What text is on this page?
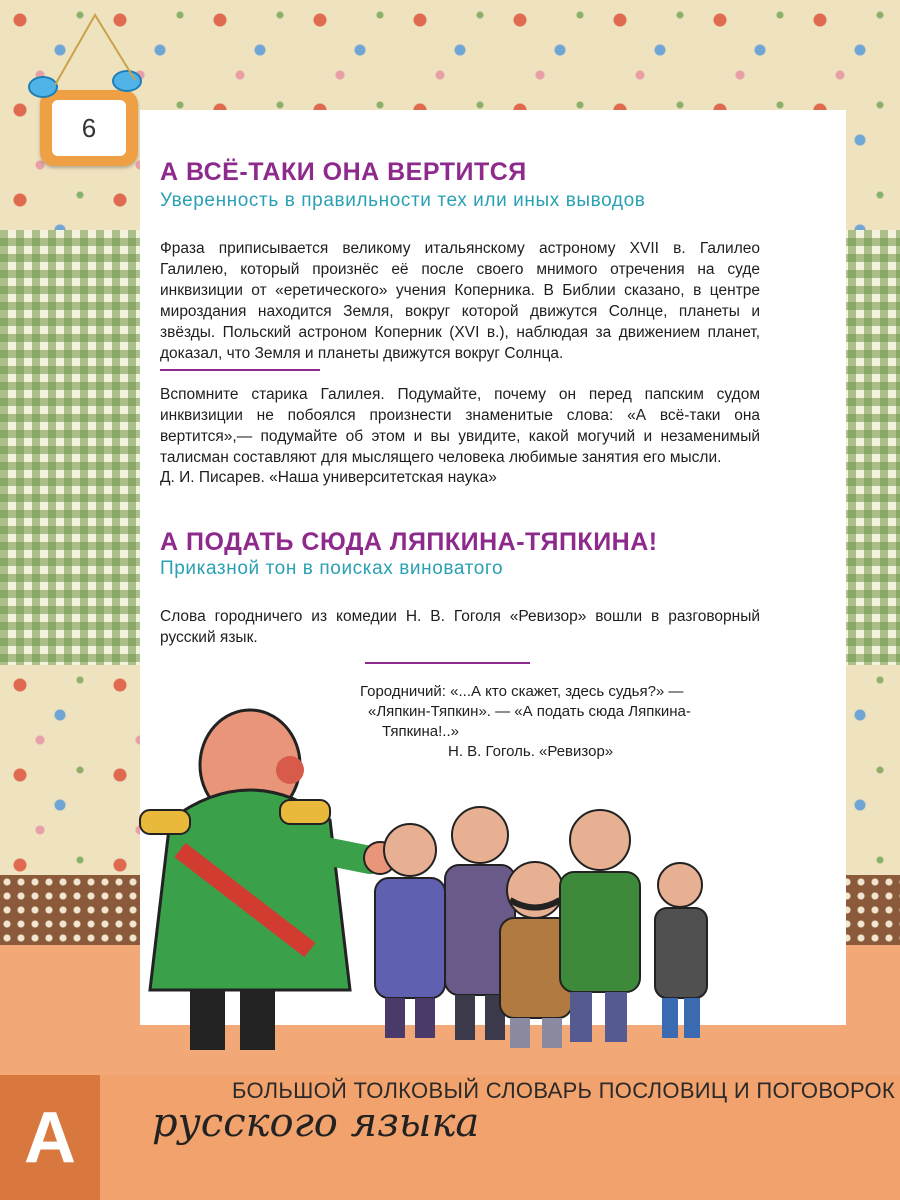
6
А ВСЁ-ТАКИ ОНА ВЕРТИТСЯ
Уверенность в правильности тех или иных выводов
Фраза приписывается великому итальянскому астроному XVII в. Галилео Галилею, который произнёс её после своего мнимого отречения на суде инквизиции от «еретического» учения Коперника. В Библии сказано, в центре мироздания находится Земля, вокруг которой движутся Солнце, планеты и звёзды. Польский астроном Коперник (XVI в.), наблюдая за движением планет, доказал, что Земля и планеты движутся вокруг Солнца.
Вспомните старика Галилея. Подумайте, почему он перед папским судом инквизиции не побоялся произнести знаменитые слова: «А всё-таки она вертится»,— подумайте об этом и вы увидите, какой могучий и незаменимый талисман составляют для мыслящего человека любимые занятия его мысли.
Д. И. Писарев. «Наша университетская наука»
А ПОДАТЬ СЮДА ЛЯПКИНА-ТЯПКИНА!
Приказной тон в поисках виноватого
Слова городничего из комедии Н. В. Гоголя «Ревизор» вошли в разговорный русский язык.
Городничий: «...А кто скажет, здесь судья?» —
«Ляпкин-Тяпкин». — «А подать сюда Ляпкина-
Тяпкина!..»
Н. В. Гоголь. «Ревизор»
А
БОЛЬШОЙ ТОЛКОВЫЙ СЛОВАРЬ ПОСЛОВИЦ И ПОГОВОРОК
русского языка
